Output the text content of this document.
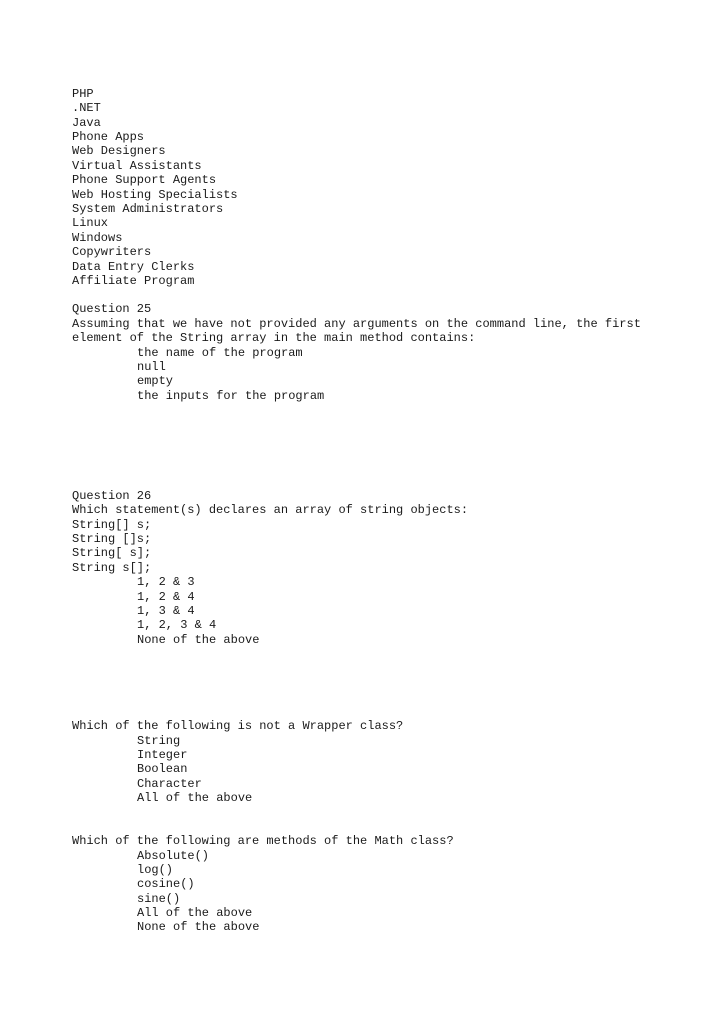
PHP
.NET
Java
Phone Apps
Web Designers
Virtual Assistants
Phone Support Agents
Web Hosting Specialists
System Administrators
Linux
Windows
Copywriters
Data Entry Clerks
Affiliate Program
Question 25
Assuming that we have not provided any arguments on the command line, the first
element of the String array in the main method contains:
the name of the program
null
empty
the inputs for the program
Question 26
Which statement(s) declares an array of string objects:
String[] s;
String []s;
String[ s];
String s[];
1, 2 & 3
1, 2 & 4
1, 3 & 4
1, 2, 3 & 4
None of the above
Which of the following is not a Wrapper class?
String
Integer
Boolean
Character
All of the above
Which of the following are methods of the Math class?
Absolute()
log()
cosine()
sine()
All of the above
None of the above
